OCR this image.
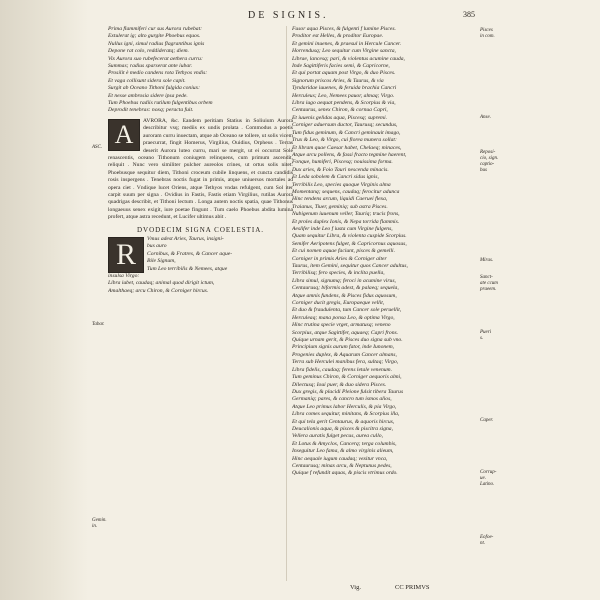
DE SIGNIS.	385

Prima flammiferi cur sus Aurora rubebat:

Extulerat ig; alto gurgite Phoebus equos.

Nullus igni, simul radius flagrantibus ignis

Depone rat colo, reddideratq; diem.

Vix Aurora suo rubefecerat aethera curru:

Summas; radius sparserat ante iubar.

Prosilit è medio candens rota Tethyos vndis:

Et vaga collisunt sidera sole capit.

Surgit ab Oceano Tithoni fulgida coniux:

Et nesse ambrosia sidere ipsa pede.

Tum Phoebus radiis rutilum fulgentibus orbem

Deprodit tenebras: noxq; peracta fuit.

A	AVRORA, &c. Eandem peritiam Statius in Soliuium Aurora describitur vsq; mediis ex undis prolata . Commodus a poetis auroram curru inuectam, atque ab Oceano se tollere, ut solis vicem praecurrat, fingit Homerus, Virgilius, Ouidius, Orpheus . Terras deserit Aurora luteo curru, mari se mergit, ut ei occurrat Sole renascentis, oceano Tithonum coniugem relinquens, cum primum ascendit, reliquit . Nunc vero similiter pulcher aureolos crines, ut ortus solis nitet: Phoebusque sequitur diem, Tithoni croceum cubile linquens, et cuncta candidis rosis inspergens . Tenebras noctis fugat in primis, atque uniuersos mortales ad opera ciet . Vndique lucet Oriens, atque Tethyos vndas refulgent, cum Sol iter carpit suum per signa . Ovidius in Fastis, Fastis etiam Virgilius, rutilas Aurora quadrigas describit, et Tithoni lectum . Longa autem noctis spatia, quae Tithonus longaeuus senex exigit, iure poetae fingunt . Tum caelo Phoebus abdita lumina profert, atque astra recedunt, et Lucifer ultimus abit .

DVODECIM SIGNA COELESTIA.
R	Vmus adest Aries, Taurus, insigni-

bus auro

Cornibus, & Fratres, & Cancer aque-

Bile Signum,

Tum Leo terribilis & Nemees, atque

insulsa Virgo:

Libra iubet, caudaq; animal quod dirigit ictum,

Amalthaeq; arcu Chiron, & Corniger hircus.

Fusor aqua Pisces, & fulgenti f lumine Pisces.

Proditor est Helles, & proditor Europae.

Et gemini inuenes, & praesul in Hercule Cancer.

Horrendusq; Leo sequitur cum Virgine sancta,

Librae, lancesq; pari, & violentus acumine cauda,

Inde Sagittiferis facies semi, & Capricorne,

Et qui portat aquam post Virgo, & duo Pisces.

Signorum priscos Aries, & Taurus, & via

Tyndaridae iuuenes, & feruida brachia Cancri

Herculeus; Leo, Nemees pauor, almaq; Virgo.

Libra iugo aequat pendens, & Scorpius & via,

Centaurus, senex Chiron, & cornua Capri,

Et iuuenis gelidas aqua, Piscesq; supremi.

Corniger aduersum ductor, Taurusq; secundus,

Tum fidus geminum, & Cancri geminauit imago,

Trux & Leo, & Virgo, cui florea munera sollat:

Et libram quae Caesar habet, Chelaeq; minaces,

Atque arcu pollens, & fassi fracto tegmine haerent,

Fonque, humiferi, Piscesq; nouissima forma.

Dux aries, & Foio Tauri nescenda minacis.

Et Leda sobolem & Cancri sidus ignis,

Terribilis Leo, species quoque Virginis alma

Momentanq; sequens, caudaq; ferocitur adunca

Hinc tendens arcum, liquidi Caeruei flexa,

Traianus, Tiuer, geminiq; sub astra Pisces.

Nubigenum iuuenum veller, Tauriq; trucis frons,

Et proles duplex Ionis, & Nepa torrida flammis.

Aeslifer inde Leo f iusta cum Virgine fulgens,

Quam sequitur Libra, & violenta cuspide Scorpius.

Semifer Aeripotens fulget, & Capricornus aquosus,

Et cui nomen aquae faciunt, pisces & gemelli.

Corniger in primis Aries & Corniger alter

Taurus, item Gemini, sequitur quos Cancer adultus,

Terribilisq; fero species, & inclita puella,

Libra simul, signumq; feroci in acumine virus,

Centaurusq; biformis adest, & palaeq; sequela,

Atque amnis fundens, & Pisces fidus aquosum,

Corniger ducit gregis, Europaeque vellit,

Et duo & fraudulenta, tum Cancer sole peruellit,

Herculeaq; mana ponsa Leo, & optima Virgo,

Hinc trutina specie vrget, armatusq; veneno

Scorpius, atque Sagittifer, aquaeq; Capri frons.

Quique urnam gerit, & Pisces duo signa sub vno.

Principium signis aurum fator, inde Iunonem,

Progenies duplex, & Aquarum Cancer almans,

Terra sub Herculei manibus fera, sultaq; Virgo,

Libra fidelis, caudaq; ferens letale venenum.

Tum geminus Chiron, & Corniger aequoris almi,

Dilectusq; Ioui puer, & duo sidera Pisces.

Dux gregis, & placidi Pleione fulsit tibera Taurus

Germaniq; pares, & cancro tum ismos alios,

Atque Leo primus labor Herculis, & pia Virgo,

Libra comes sequitur, minitans, & Scorpius illa,

Et qui tela gerit Centaurus, & aquoris hircus,

Deucalionis aqua, & pisces & piscitra signa,

Vellera auratis fulget pecus, aurea cullo,

Et Lotus & Amyclos, Cancerq; terga columbis,

Inseguitur Leo fama, & almo virginis alieum,

Hinc aequale iugum caudaq; vexitur vnca,

Centaurusq; minax arcu, & Neptunus pedes,

Quique f refundit aquas, & piscis vtrimus ordo.

ASC.
Tabar.
Gemin.
in.
Pisces
in com.
Anse.
Reposi-
cio, sign.
captio-
bus
Miras.
Sanct-
ate ccum
praeem.
Pueri
s.
Caper.

Corrup-
ue.
Latino.
Eofoe-
nt.
Vig.	CC PRIMVS
